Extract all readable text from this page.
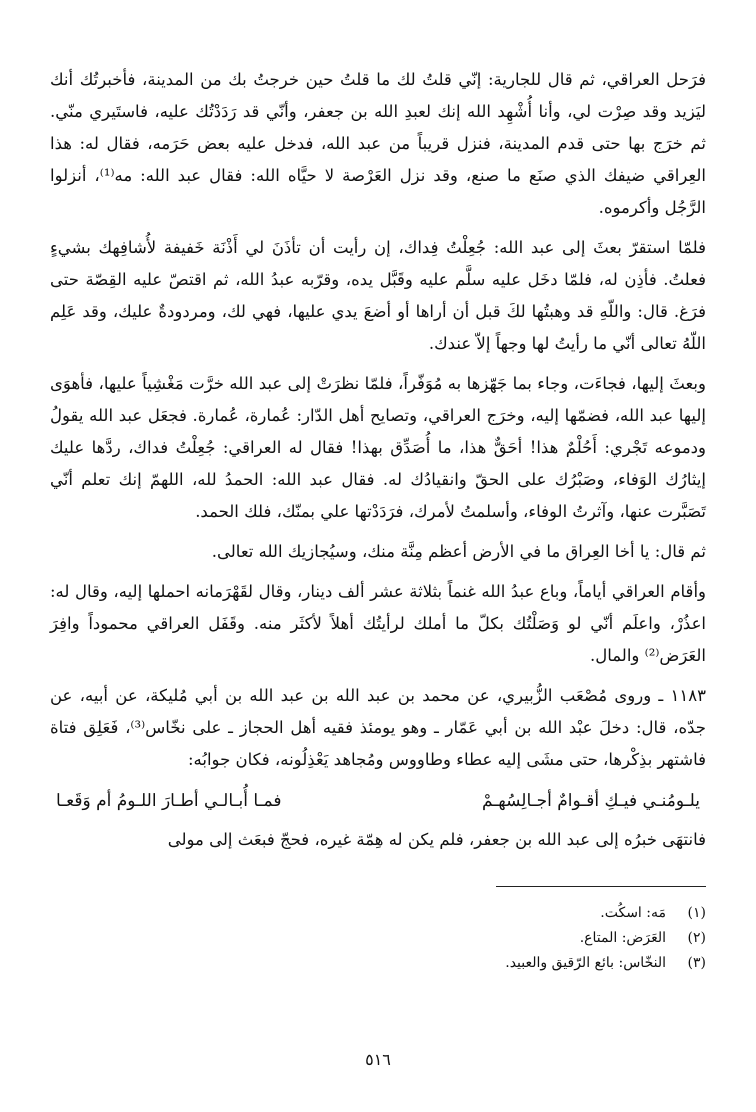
فرَحل العراقي، ثم قال للجارية: إنّي قلتُ لك ما قلتُ حين خرجتُ بك من المدينة، فأخبرتُك أنك ليَزيد وقد صِرْت لي، وأنا أُشْهِد الله إنك لعبدِ الله بن جعفر، وأنّي قد رَدَدْتُك عليه، فاستَيري منّي. ثم خرَج بها حتى قدم المدينة، فنزل قريباً من عبد الله، فدخل عليه بعض حَرَمه، فقال له: هذا العِراقي ضيفك الذي صنَع ما صنع، وقد نزل العَرْصة لا حيَّاه الله: فقال عبد الله: مه⁽¹⁾، أنزلوا الرَّجُل وأكرموه.

فلمّا استقرّ بعثَ إلى عبد الله: جُعِلْتُ فِداك، إن رأيت أن تأذَنَ لي أَذْنَة خَفيفة لأُشافِهك بشيءٍ فعلتُ. فأذِن له، فلمّا دخَل عليه سلَّم عليه وقَبَّل يده، وقرّبه عبدُ الله، ثم اقتصّ عليه القِصّة حتى فرَغ. قال: واللّهِ قد وهبتُها لكَ قبل أن أراها أو أضعَ يدي عليها، فهي لك، ومردودةٌ عليك، وقد عَلِم اللّهُ تعالى أنّي ما رأيتُ لها وجهاً إلاّ عندك.

وبعثَ إليها، فجاءَت، وجاء بما جَهّزها به مُوَفّراً، فلمّا نظرَتْ إلى عبد الله خرَّت مَغْشِياً عليها، فأهوَى إليها عبد الله، فضمّها إليه، وخرَج العراقي، وتصايح أهل الدّار: عُمارة، عُمارة. فجعَل عبد الله يقولُ ودموعه تَجْري: أَحُلْمٌ هذا! أحَقٌّ هذا، ما أُصَدِّق بهذا! فقال له العراقي: جُعِلْتُ فداك، ردَّها عليك إيثارُك الوَفاء، وصَبْرُك على الحقّ وانقيادُك له. فقال عبد الله: الحمدُ لله، اللهمّ إنك تعلم أنّي تَصَبَّرت عنها، وآثرتُ الوفاء، وأسلمتُ لأمرك، فرَدَدْتها علي بمنّك، فلك الحمد.

ثم قال: يا أخا العِراق ما في الأرض أعظم مِنَّة منك، وسيُجازيك الله تعالى.

وأقام العراقي أياماً، وباع عبدُ الله غنماً بثلاثة عشر ألف دينار، وقال لقَهْرَمانه احملها إليه، وقال له: اعذُرْ، واعلَم أنّي لو وَصَلْتُك بكلّ ما أملك لرأيتُك أهلاً لأكثَر منه. وقَفَل العراقي محموداً وافِرَ العَرَض⁽²⁾ والمال.

١١٨٣ ـ وروى مُصْعَب الزُّبيري، عن محمد بن عبد الله بن عبد الله بن أبي مُليكة، عن أبيه، عن جدّه، قال: دخلَ عبْد الله بن أبي عَمّار ـ وهو يومئذ فقيه أهل الحجاز ـ على نخّاس⁽³⁾، فَعَلِق فتاة فاشتهر بذِكْرها، حتى مشَى إليه عطاء وطاووس ومُجاهد يَعْذِلُونه، فكان جوابُه:

يلـومُنـي فيـكِ أقـوامٌ أجـالِسُهـمْ
فمـا أُبـالـي أطـارَ اللـومُ أم وَقَعـا

فانتهَى خبرُه إلى عبد الله بن جعفر، فلم يكن له هِمّة غيره، فحجّ فبعَث إلى مولى

(١)
مَه: اسكُت.
(٢)
العَرَض: المتاع.
(٣)
النخّاس: بائع الرّقيق والعبيد.
٥١٦
